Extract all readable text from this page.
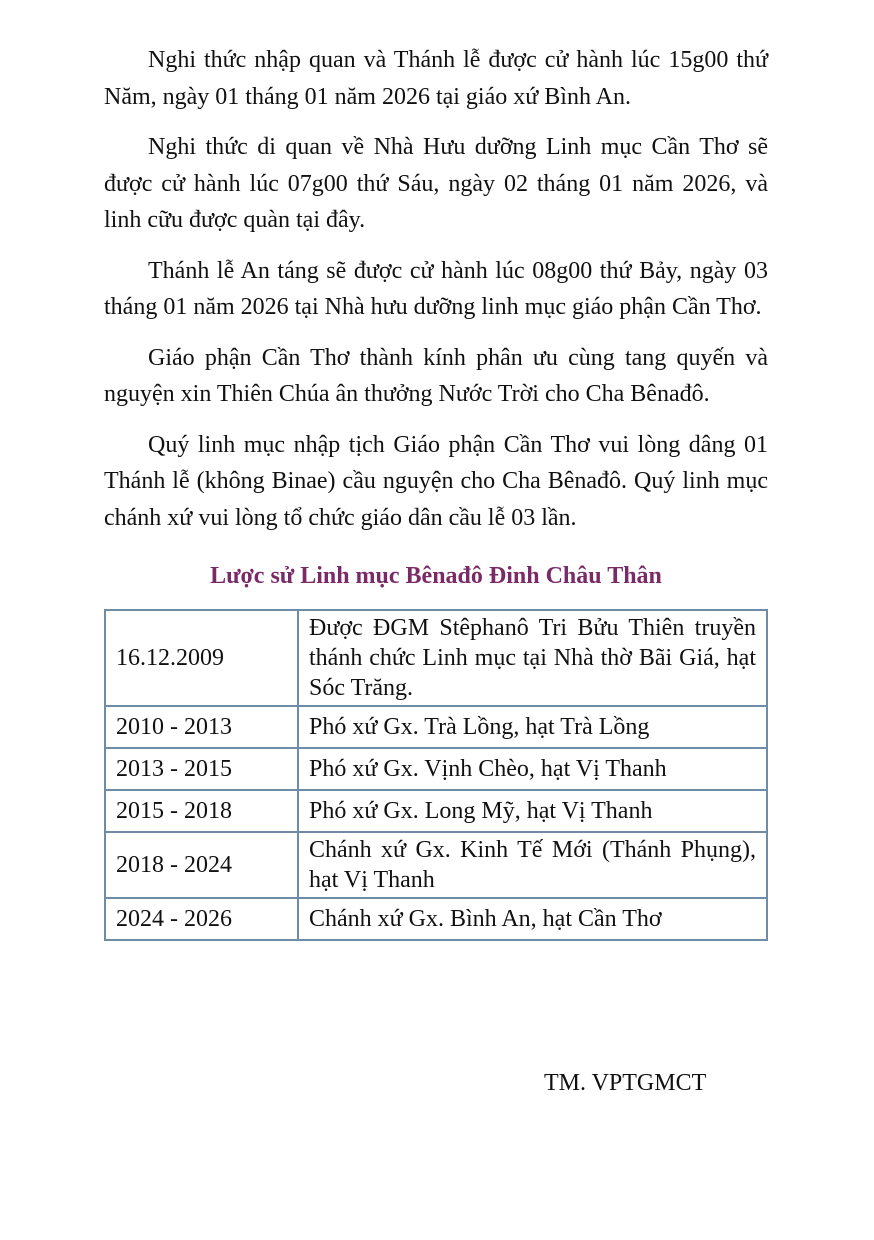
Nghi thức nhập quan và Thánh lễ được cử hành lúc 15g00 thứ Năm, ngày 01 tháng 01 năm 2026 tại giáo xứ Bình An.

Nghi thức di quan về Nhà Hưu dưỡng Linh mục Cần Thơ sẽ được cử hành lúc 07g00 thứ Sáu, ngày 02 tháng 01 năm 2026, và linh cữu được quàn tại đây.

Thánh lễ An táng sẽ được cử hành lúc 08g00 thứ Bảy, ngày 03 tháng 01 năm 2026 tại Nhà hưu dưỡng linh mục giáo phận Cần Thơ.

Giáo phận Cần Thơ thành kính phân ưu cùng tang quyến và nguyện xin Thiên Chúa ân thưởng Nước Trời cho Cha Bênađô.

Quý linh mục nhập tịch Giáo phận Cần Thơ vui lòng dâng 01 Thánh lễ (không Binae) cầu nguyện cho Cha Bênađô. Quý linh mục chánh xứ vui lòng tổ chức giáo dân cầu lễ 03 lần.

Lược sử Linh mục Bênađô Đinh Châu Thân
16.12.2009	Được ĐGM Stêphanô Tri Bửu Thiên truyền thánh chức Linh mục tại Nhà thờ Bãi Giá, hạt Sóc Trăng.
2010 - 2013	Phó xứ Gx. Trà Lồng, hạt Trà Lồng
2013 - 2015	Phó xứ Gx. Vịnh Chèo, hạt Vị Thanh
2015 - 2018	Phó xứ Gx. Long Mỹ, hạt Vị Thanh
2018 - 2024	Chánh xứ Gx. Kinh Tế Mới (Thánh Phụng), hạt Vị Thanh
2024 - 2026	Chánh xứ Gx. Bình An, hạt Cần Thơ
TM. VPTGMCT
